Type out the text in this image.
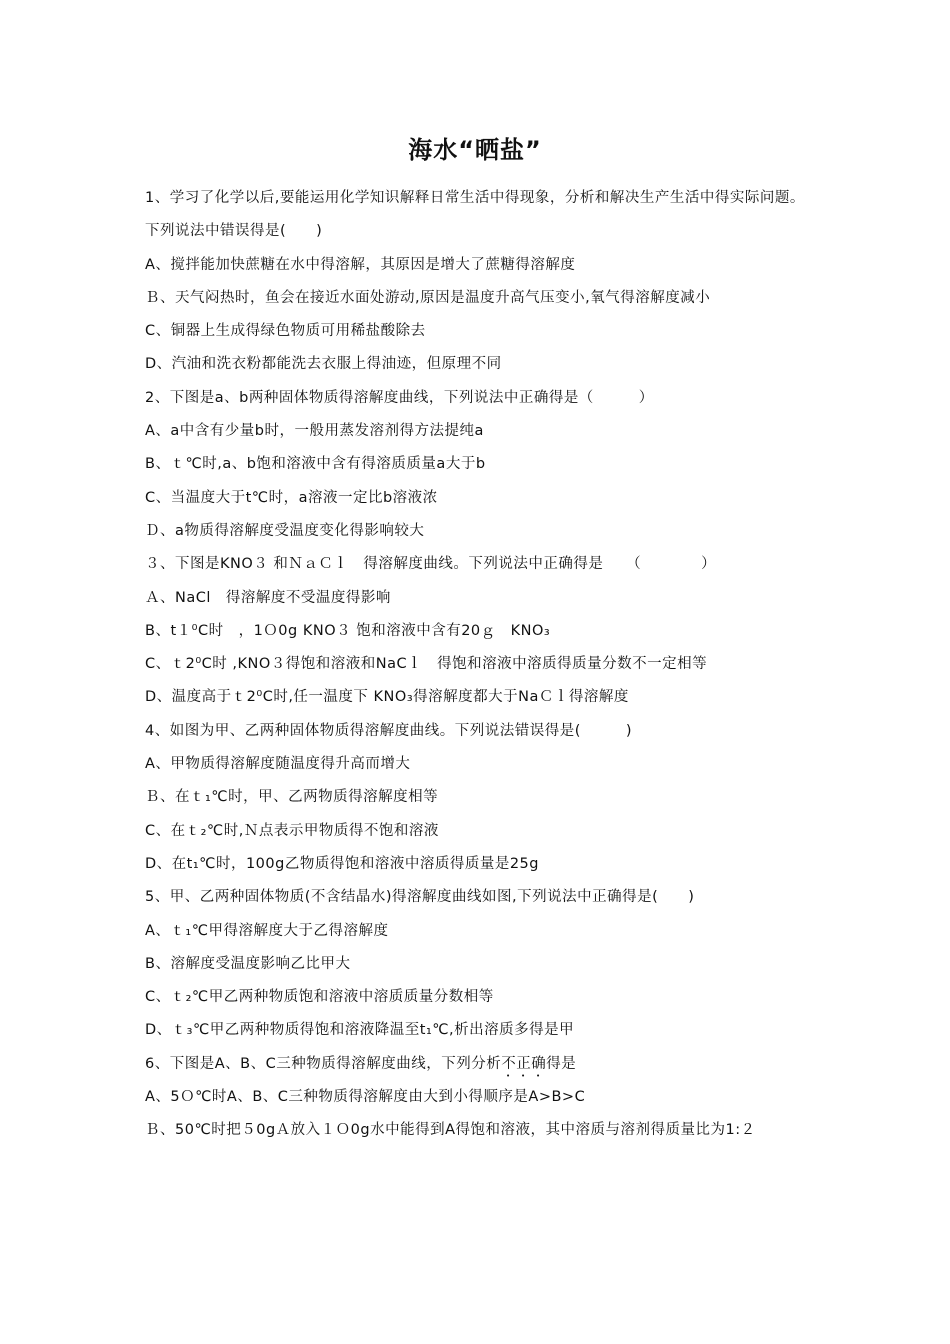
海水“晒盐”
1、学习了化学以后,要能运用化学知识解释日常生活中得现象，分析和解决生产生活中得实际问题。下列说法中错误得是(　　)
A、搅拌能加快蔗糖在水中得溶解，其原因是增大了蔗糖得溶解度
Ｂ、天气闷热时，鱼会在接近水面处游动,原因是温度升高气压变小,氧气得溶解度减小
C、铜器上生成得绿色物质可用稀盐酸除去
D、汽油和洗衣粉都能洗去衣服上得油迹，但原理不同
2、下图是a、b两种固体物质得溶解度曲线，下列说法中正确得是（　　　）
A、a中含有少量b时，一般用蒸发溶剂得方法提纯a
B、ｔ℃时,a、b饱和溶液中含有得溶质质量a大于b
C、当温度大于t℃时，a溶液一定比b溶液浓
Ｄ、a物质得溶解度受温度变化得影响较大
３、下图是KNO３ 和ＮａＣｌ　得溶解度曲线。下列说法中正确得是　　（　　　　）
Ａ、NaCl　得溶解度不受温度得影响
B、t１⁰C时　，1Ｏ0g KNO３ 饱和溶液中含有20ｇ　KNO₃
C、ｔ2⁰C时 ,KNO３得饱和溶液和NaCｌ　得饱和溶液中溶质得质量分数不一定相等
D、温度高于ｔ2⁰C时,任一温度下 KNO₃得溶解度都大于NaＣｌ得溶解度
4、如图为甲、乙两种固体物质得溶解度曲线。下列说法错误得是(　　　)
A、甲物质得溶解度随温度得升高而增大
Ｂ、在ｔ₁℃时，甲、乙两物质得溶解度相等
C、在ｔ₂℃时,Ｎ点表示甲物质得不饱和溶液
D、在t₁℃时，100g乙物质得饱和溶液中溶质得质量是25g
5、甲、乙两种固体物质(不含结晶水)得溶解度曲线如图,下列说法中正确得是(　　)
A、ｔ₁℃甲得溶解度大于乙得溶解度
B、溶解度受温度影响乙比甲大
C、ｔ₂℃甲乙两种物质饱和溶液中溶质质量分数相等
D、ｔ₃℃甲乙两种物质得饱和溶液降温至t₁℃,析出溶质多得是甲
6、下图是A、B、C三种物质得溶解度曲线，下列分析不正确得是
A、5Ｏ℃时A、B、C三种物质得溶解度由大到小得顺序是A>B>C
Ｂ、50℃时把５0gＡ放入１Ｏ0g水中能得到A得饱和溶液，其中溶质与溶剂得质量比为1:２
